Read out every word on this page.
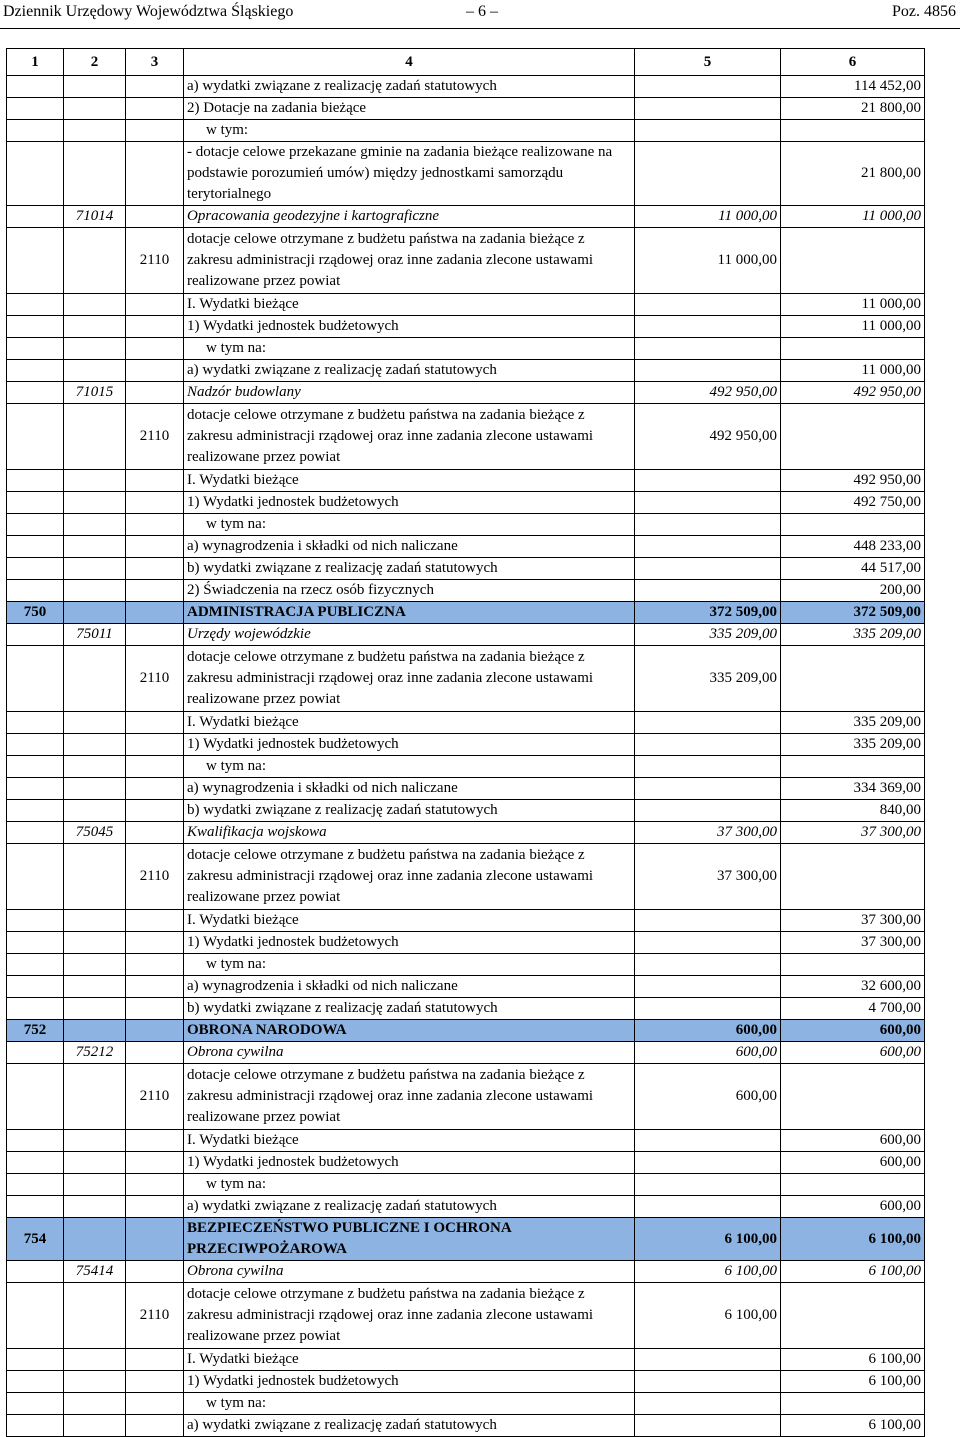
Dziennik Urzędowy Województwa Śląskiego	– 6 –	Poz. 4856
1	2	3	4	5	6
			a) wydatki związane z realizację zadań statutowych		114 452,00
			2) Dotacje na zadania bieżące		21 800,00
			w tym:		
			- dotacje celowe przekazane gminie na zadania bieżące realizowane na podstawie porozumień umów) między jednostkami samorządu terytorialnego		21 800,00
	71014		Opracowania geodezyjne i kartograficzne	11 000,00	11 000,00
		2110	dotacje celowe otrzymane z budżetu państwa na zadania bieżące z zakresu administracji rządowej oraz inne zadania zlecone ustawami realizowane przez powiat	11 000,00	
			I. Wydatki bieżące		11 000,00
			1) Wydatki jednostek budżetowych		11 000,00
			w tym na:		
			a) wydatki związane z realizację zadań statutowych		11 000,00
	71015		Nadzór budowlany	492 950,00	492 950,00
		2110	dotacje celowe otrzymane z budżetu państwa na zadania bieżące z zakresu administracji rządowej oraz inne zadania zlecone ustawami realizowane przez powiat	492 950,00	
			I. Wydatki bieżące		492 950,00
			1) Wydatki jednostek budżetowych		492 750,00
			w tym na:		
			a) wynagrodzenia i składki od nich naliczane		448 233,00
			b) wydatki związane z realizację zadań statutowych		44 517,00
			2) Świadczenia na rzecz osób fizycznych		200,00
750			ADMINISTRACJA PUBLICZNA	372 509,00	372 509,00
	75011		Urzędy wojewódzkie	335 209,00	335 209,00
		2110	dotacje celowe otrzymane z budżetu państwa na zadania bieżące z zakresu administracji rządowej oraz inne zadania zlecone ustawami realizowane przez powiat	335 209,00	
			I. Wydatki bieżące		335 209,00
			1) Wydatki jednostek budżetowych		335 209,00
			w tym na:		
			a) wynagrodzenia i składki od nich naliczane		334 369,00
			b) wydatki związane z realizację zadań statutowych		840,00
	75045		Kwalifikacja wojskowa	37 300,00	37 300,00
		2110	dotacje celowe otrzymane z budżetu państwa na zadania bieżące z zakresu administracji rządowej oraz inne zadania zlecone ustawami realizowane przez powiat	37 300,00	
			I. Wydatki bieżące		37 300,00
			1) Wydatki jednostek budżetowych		37 300,00
			w tym na:		
			a) wynagrodzenia i składki od nich naliczane		32 600,00
			b) wydatki związane z realizację zadań statutowych		4 700,00
752			OBRONA NARODOWA	600,00	600,00
	75212		Obrona cywilna	600,00	600,00
		2110	dotacje celowe otrzymane z budżetu państwa na zadania bieżące z zakresu administracji rządowej oraz inne zadania zlecone ustawami realizowane przez powiat	600,00	
			I. Wydatki bieżące		600,00
			1) Wydatki jednostek budżetowych		600,00
			w tym na:		
			a) wydatki związane z realizację zadań statutowych		600,00
754			BEZPIECZEŃSTWO PUBLICZNE I OCHRONA PRZECIWPOŻAROWA	6 100,00	6 100,00
	75414		Obrona cywilna	6 100,00	6 100,00
		2110	dotacje celowe otrzymane z budżetu państwa na zadania bieżące z zakresu administracji rządowej oraz inne zadania zlecone ustawami realizowane przez powiat	6 100,00	
			I. Wydatki bieżące		6 100,00
			1) Wydatki jednostek budżetowych		6 100,00
			w tym na:		
			a) wydatki związane z realizację zadań statutowych		6 100,00
